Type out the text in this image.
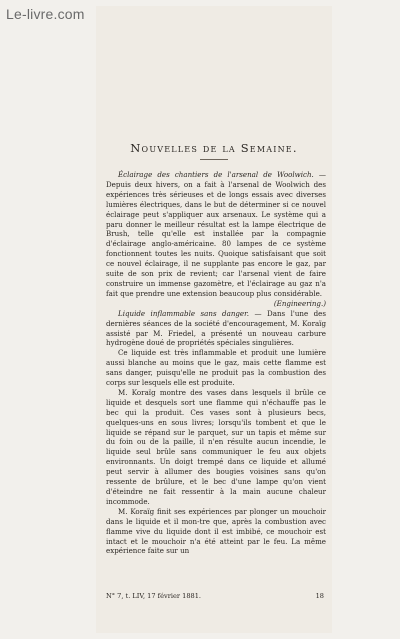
Le-livre.com
Nouvelles de la Semaine.

Éclairage des chantiers de l'arsenal de Woolwich. — Depuis deux hivers, on a fait à l'arsenal de Woolwich des expériences très sérieuses et de longs essais avec diverses lumières électriques, dans le but de déterminer si ce nouvel éclairage peut s'appliquer aux arsenaux. Le système qui a paru donner le meilleur résultat est la lampe électrique de Brush, telle qu'elle est installée par la compagnie d'éclairage anglo-américaine. 80 lampes de ce système fonctionnent toutes les nuits. Quoique satisfaisant que soit ce nouvel éclairage, il ne supplante pas encore le gaz, par suite de son prix de revient; car l'arsenal vient de faire construire un immense gazomètre, et l'éclairage au gaz n'a fait que prendre une extension beaucoup plus considérable.

(Engineering.)

Liquide inflammable sans danger. — Dans l'une des dernières séances de la société d'encouragement, M. Koraïg assisté par M. Friedel, a présenté un nouveau carbure hydrogène doué de propriétés spéciales singulières.

Ce liquide est très inflammable et produit une lumière aussi blanche au moins que le gaz, mais cette flamme est sans danger, puisqu'elle ne produit pas la combustion des corps sur lesquels elle est produite.

M. Koraïg montre des vases dans lesquels il brûle ce liquide et desquels sort une flamme qui n'échauffe pas le bec qui la produit. Ces vases sont à plusieurs becs, quelques-uns en sous livres; lorsqu'ils tombent et que le liquide se répand sur le parquet, sur un tapis et même sur du foin ou de la paille, il n'en résulte aucun incendie, le liquide seul brûle sans communiquer le feu aux objets environnants. Un doigt trempé dans ce liquide et allumé peut servir à allumer des bougies voisines sans qu'on ressente de brûlure, et le bec d'une lampe qu'on vient d'éteindre ne fait ressentir à la main aucune chaleur incommode.

M. Koraïg finit ses expériences par plonger un mouchoir dans le liquide et il mon-tre que, après la combustion avec flamme vive du liquide dont il est imbibé, ce mouchoir est intact et le mouchoir n'a été atteint par le feu. La même expérience faite sur un

N° 7, t. LIV, 17 février 1881.	18
